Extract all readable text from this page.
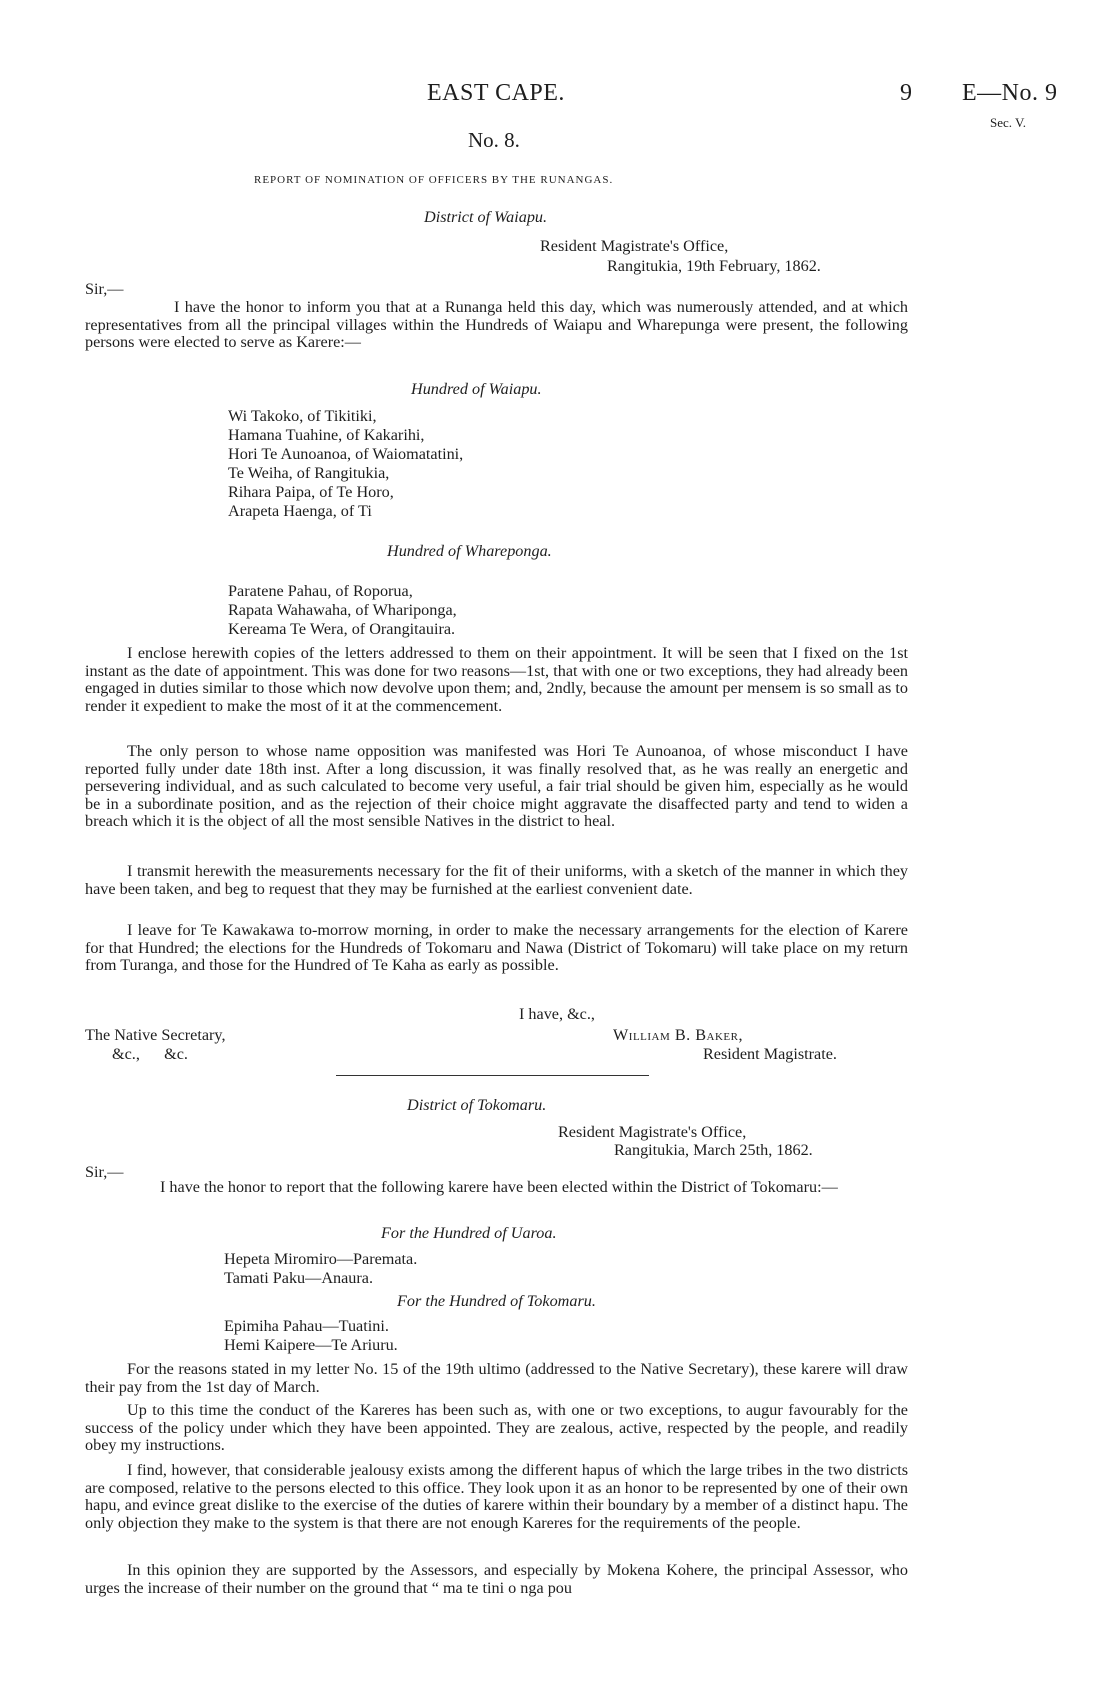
EAST CAPE.	9 E—No. 9
Sec. V.
No. 8.
REPORT OF NOMINATION OF OFFICERS BY THE RUNANGAS.
District of Waiapu.
Resident Magistrate's Office,
Rangitukia, 19th February, 1862.
Sir,—
I have the honor to inform you that at a Runanga held this day, which was numerously attended, and at which representatives from all the principal villages within the Hundreds of Waiapu and Wharepunga were present, the following persons were elected to serve as Karere:—
Hundred of Waiapu.
Wi Takoko, of Tikitiki,
Hamana Tuahine, of Kakarihi,
Hori Te Aunoanoa, of Waiomatatini,
Te Weiha, of Rangitukia,
Rihara Paipa, of Te Horo,
Arapeta Haenga, of Ti
Hundred of Whareponga.
Paratene Pahau, of Roporua,
Rapata Wahawaha, of Whariponga,
Kereama Te Wera, of Orangitauira.
I enclose herewith copies of the letters addressed to them on their appointment. It will be seen that I fixed on the 1st instant as the date of appointment. This was done for two reasons—1st, that with one or two exceptions, they had already been engaged in duties similar to those which now devolve upon them; and, 2ndly, because the amount per mensem is so small as to render it expedient to make the most of it at the commencement.
The only person to whose name opposition was manifested was Hori Te Aunoanoa, of whose misconduct I have reported fully under date 18th inst. After a long discussion, it was finally resolved that, as he was really an energetic and persevering individual, and as such calculated to become very useful, a fair trial should be given him, especially as he would be in a subordinate position, and as the rejection of their choice might aggravate the disaffected party and tend to widen a breach which it is the object of all the most sensible Natives in the district to heal.
I transmit herewith the measurements necessary for the fit of their uniforms, with a sketch of the manner in which they have been taken, and beg to request that they may be furnished at the earliest convenient date.
I leave for Te Kawakawa to-morrow morning, in order to make the necessary arrangements for the election of Karere for that Hundred; the elections for the Hundreds of Tokomaru and Nawa (District of Tokomaru) will take place on my return from Turanga, and those for the Hundred of Te Kaha as early as possible.
I have, &c.,
The Native Secretary,	William B. Baker,
&c.,      &c.	Resident Magistrate.
District of Tokomaru.
Resident Magistrate's Office,
Rangitukia, March 25th, 1862.
Sir,—
I have the honor to report that the following karere have been elected within the District of Tokomaru:—
For the Hundred of Uaroa.
Hepeta Miromiro—Paremata.
Tamati Paku—Anaura.
For the Hundred of Tokomaru.
Epimiha Pahau—Tuatini.
Hemi Kaipere—Te Ariuru.
For the reasons stated in my letter No. 15 of the 19th ultimo (addressed to the Native Secretary), these karere will draw their pay from the 1st day of March.
Up to this time the conduct of the Kareres has been such as, with one or two exceptions, to augur favourably for the success of the policy under which they have been appointed. They are zealous, active, respected by the people, and readily obey my instructions.
I find, however, that considerable jealousy exists among the different hapus of which the large tribes in the two districts are composed, relative to the persons elected to this office. They look upon it as an honor to be represented by one of their own hapu, and evince great dislike to the exercise of the duties of karere within their boundary by a member of a distinct hapu. The only objection they make to the system is that there are not enough Kareres for the requirements of the people.
In this opinion they are supported by the Assessors, and especially by Mokena Kohere, the principal Assessor, who urges the increase of their number on the ground that “ ma te tini o nga pou
